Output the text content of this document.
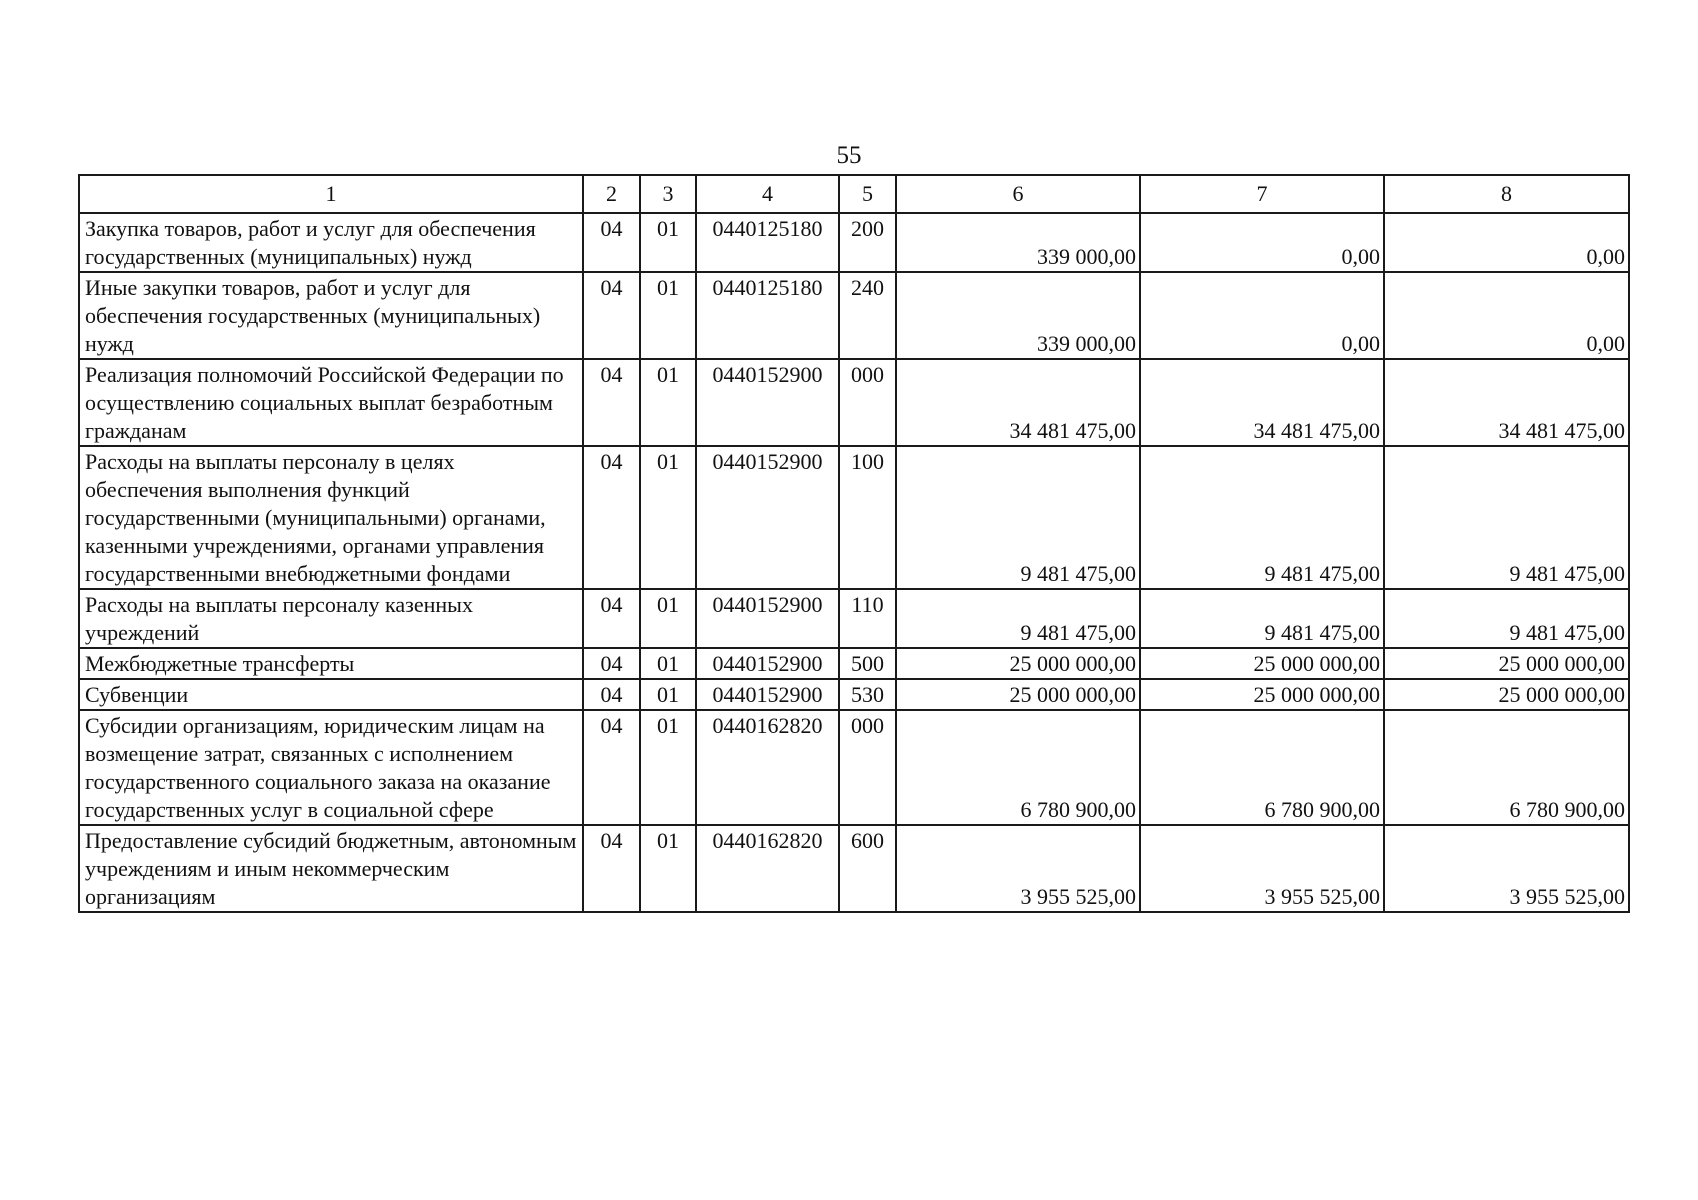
55
1	2	3	4	5	6	7	8
Закупка товаров, работ и услуг для обеспечения государственных (муниципальных) нужд	04	01	0440125180	200	339 000,00	0,00	0,00
Иные закупки товаров, работ и услуг для обеспечения государственных (муниципальных) нужд	04	01	0440125180	240	339 000,00	0,00	0,00
Реализация полномочий Российской Федерации по осуществлению социальных выплат безработным гражданам	04	01	0440152900	000	34 481 475,00	34 481 475,00	34 481 475,00
Расходы на выплаты персоналу в целях обеспечения выполнения функций государственными (муниципальными) органами, казенными учреждениями, органами управления государственными внебюджетными фондами	04	01	0440152900	100	9 481 475,00	9 481 475,00	9 481 475,00
Расходы на выплаты персоналу казенных учреждений	04	01	0440152900	110	9 481 475,00	9 481 475,00	9 481 475,00
Межбюджетные трансферты	04	01	0440152900	500	25 000 000,00	25 000 000,00	25 000 000,00
Субвенции	04	01	0440152900	530	25 000 000,00	25 000 000,00	25 000 000,00
Субсидии организациям, юридическим лицам на возмещение затрат, связанных с исполнением государственного социального заказа на оказание государственных услуг в социальной сфере	04	01	0440162820	000	6 780 900,00	6 780 900,00	6 780 900,00
Предоставление субсидий бюджетным, автономным учреждениям и иным некоммерческим организациям	04	01	0440162820	600	3 955 525,00	3 955 525,00	3 955 525,00
